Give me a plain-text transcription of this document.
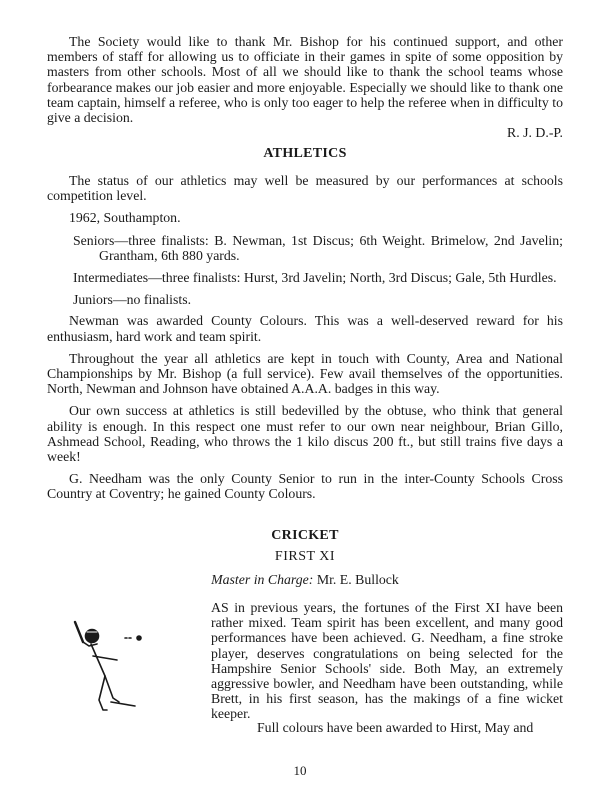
The Society would like to thank Mr. Bishop for his continued support, and other members of staff for allowing us to officiate in their games in spite of some opposition by masters from other schools. Most of all we should like to thank the school teams whose forbearance makes our job easier and more enjoyable. Especially we should like to thank one team captain, himself a referee, who is only too eager to help the referee when in difficulty to give a decision.

R. J. D.-P.
ATHLETICS

The status of our athletics may well be measured by our performances at schools competition level.

1962, Southampton.
Seniors—three finalists: B. Newman, 1st Discus; 6th Weight. Brimelow, 2nd Javelin; Grantham, 6th 880 yards.
Intermediates—three finalists: Hurst, 3rd Javelin; North, 3rd Discus; Gale, 5th Hurdles.
Juniors—no finalists.

Newman was awarded County Colours. This was a well-deserved reward for his enthusiasm, hard work and team spirit.

Throughout the year all athletics are kept in touch with County, Area and National Championships by Mr. Bishop (a full service). Few avail themselves of the opportunities. North, Newman and Johnson have obtained A.A.A. badges in this way.

Our own success at athletics is still bedevilled by the obtuse, who think that general ability is enough. In this respect one must refer to our own near neighbour, Brian Gillo, Ashmead School, Reading, who throws the 1 kilo discus 200 ft., but still trains five days a week!

G. Needham was the only County Senior to run in the inter-County Schools Cross Country at Coventry; he gained County Colours.

CRICKET
FIRST XI
Master in Charge: Mr. E. Bullock

AS in previous years, the fortunes of the First XI have been rather mixed. Team spirit has been excellent, and many good performances have been achieved. G. Needham, a fine stroke player, deserves congratulations on being selected for the Hampshire Senior Schools' side. Both May, an extremely aggressive bowler, and Needham have been outstanding, while Brett, in his first season, has the makings of a fine wicket keeper.

Full colours have been awarded to Hirst, May and
10
